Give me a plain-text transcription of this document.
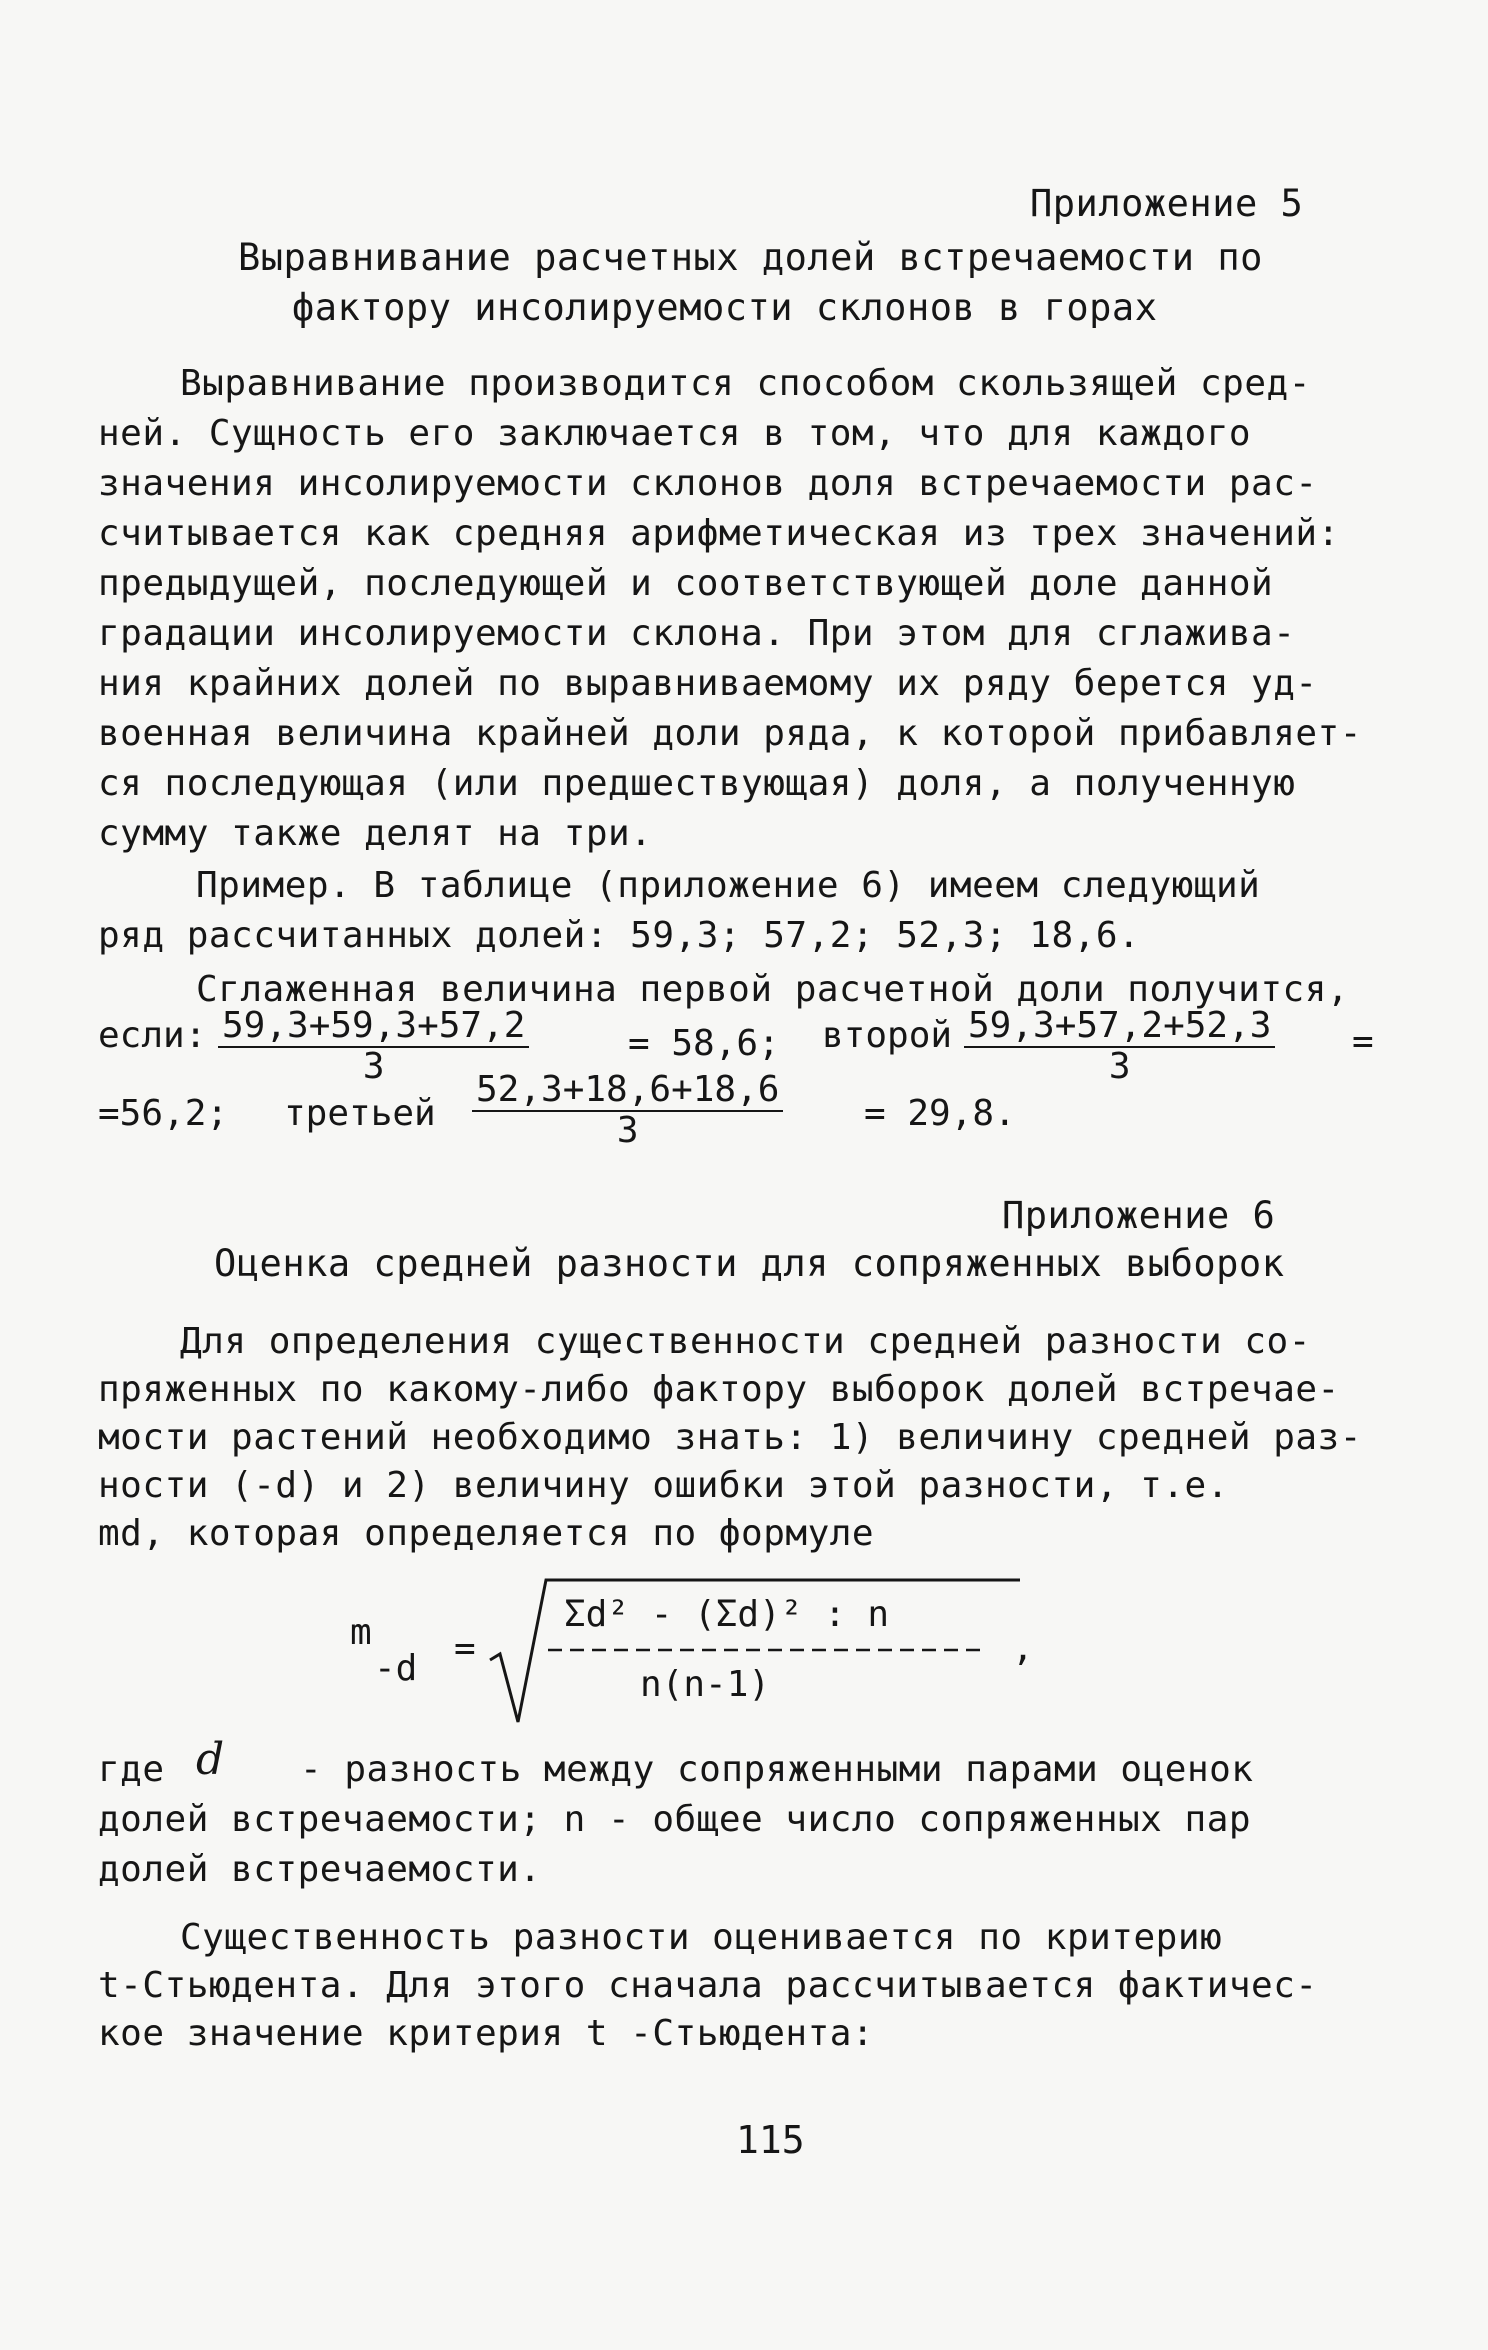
Приложение 5
Выравнивание расчетных долей встречаемости по
фактору инсолируемости склонов в горах
Выравнивание производится способом скользящей сред-
ней. Сущность его заключается в том, что для каждого
значения инсолируемости склонов доля встречаемости рас-
считывается как средняя арифметическая из трех значений:
предыдущей, последующей и соответствующей доле данной
градации инсолируемости склона. При этом для сглажива-
ния крайних долей по выравниваемому их ряду берется уд-
военная величина крайней доли ряда, к которой прибавляет-
ся последующая (или предшествующая) доля, а полученную
сумму также делят на три.
Пример. В таблице (приложение 6) имеем следующий
ряд рассчитанных долей: 59,3; 57,2; 52,3; 18,6.
Сглаженная величина первой расчетной доли получится,
если: $\frac{59,3+59,3+57,2}{3}$	= 58,6; второй $\frac{59,3+57,2+52,3}{3}$ =
=56,2; третьей $\frac{52,3+18,6+18,6}{3} = 29,8$.
Приложение 6
Оценка средней разности для сопряженных выборок
Для определения существенности средней разности со-
пряженных по какому-либо фактору выборок долей встречае-
мости растений необходимо знать: 1) величину средней раз-
ности (-d) и 2) величину ошибки этой разности, т.е.
md, которая определяется по формуле
m
-d =
Σd² - (Σd)² : n
n(n-1)
,
где d - разность между сопряженными парами оценок
долей встречаемости; n - общее число сопряженных пар
долей встречаемости.
Существенность разности оценивается по критерию
t-Стьюдента. Для этого сначала рассчитывается фактичес-
кое значение критерия t -Стьюдента:
115
